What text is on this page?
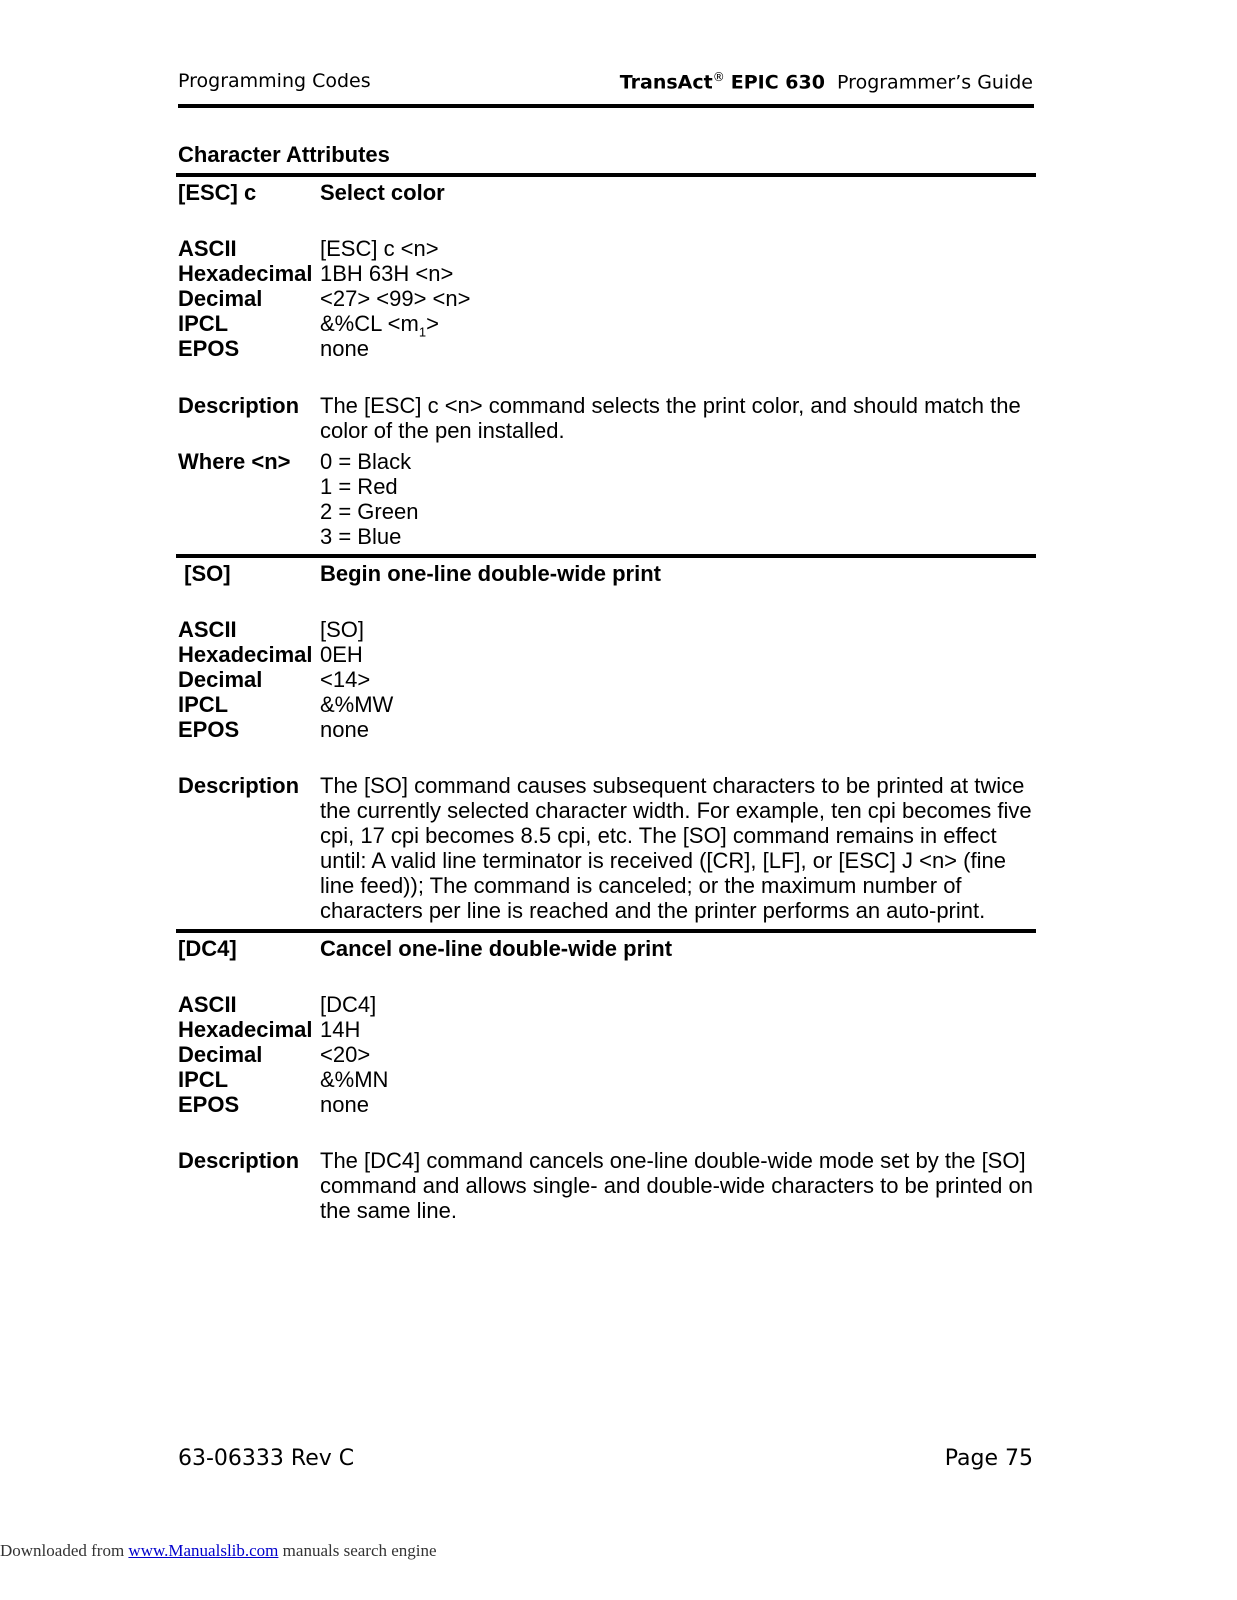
Programming Codes	TransAct® EPIC 630 Programmer’s Guide
Character Attributes
[ESC] c	Select color
ASCII	[ESC] c <n>
Hexadecimal 1BH 63H <n>
Decimal	<27> <99> <n>
IPCL	&%CL $<m_1>$
EPOS	none
Description The [ESC] c <n> command selects the print color, and should match the
color of the pen installed.
Where <n> 0 = Black
1 = Red
2 = Green
3 = Blue
[SO]	Begin one-line double-wide print
ASCII	[SO]
Hexadecimal 0EH
Decimal	<14>
IPCL	&%MW
EPOS	none
Description The [SO] command causes subsequent characters to be printed at twice
the currently selected character width. For example, ten cpi becomes five
cpi, 17 cpi becomes 8.5 cpi, etc. The [SO] command remains in effect
until: A valid line terminator is received ([CR], [LF], or [ESC] J <n> (fine
line feed)); The command is canceled; or the maximum number of
characters per line is reached and the printer performs an auto-print.
[DC4]	Cancel one-line double-wide print
ASCII	[DC4]
Hexadecimal 14H
Decimal	<20>
IPCL	&%MN
EPOS	none
Description The [DC4] command cancels one-line double-wide mode set by the [SO]
command and allows single- and double-wide characters to be printed on
the same line.
63-06333 Rev C	Page 75
Downloaded from www.Manualslib.com manuals search engine
